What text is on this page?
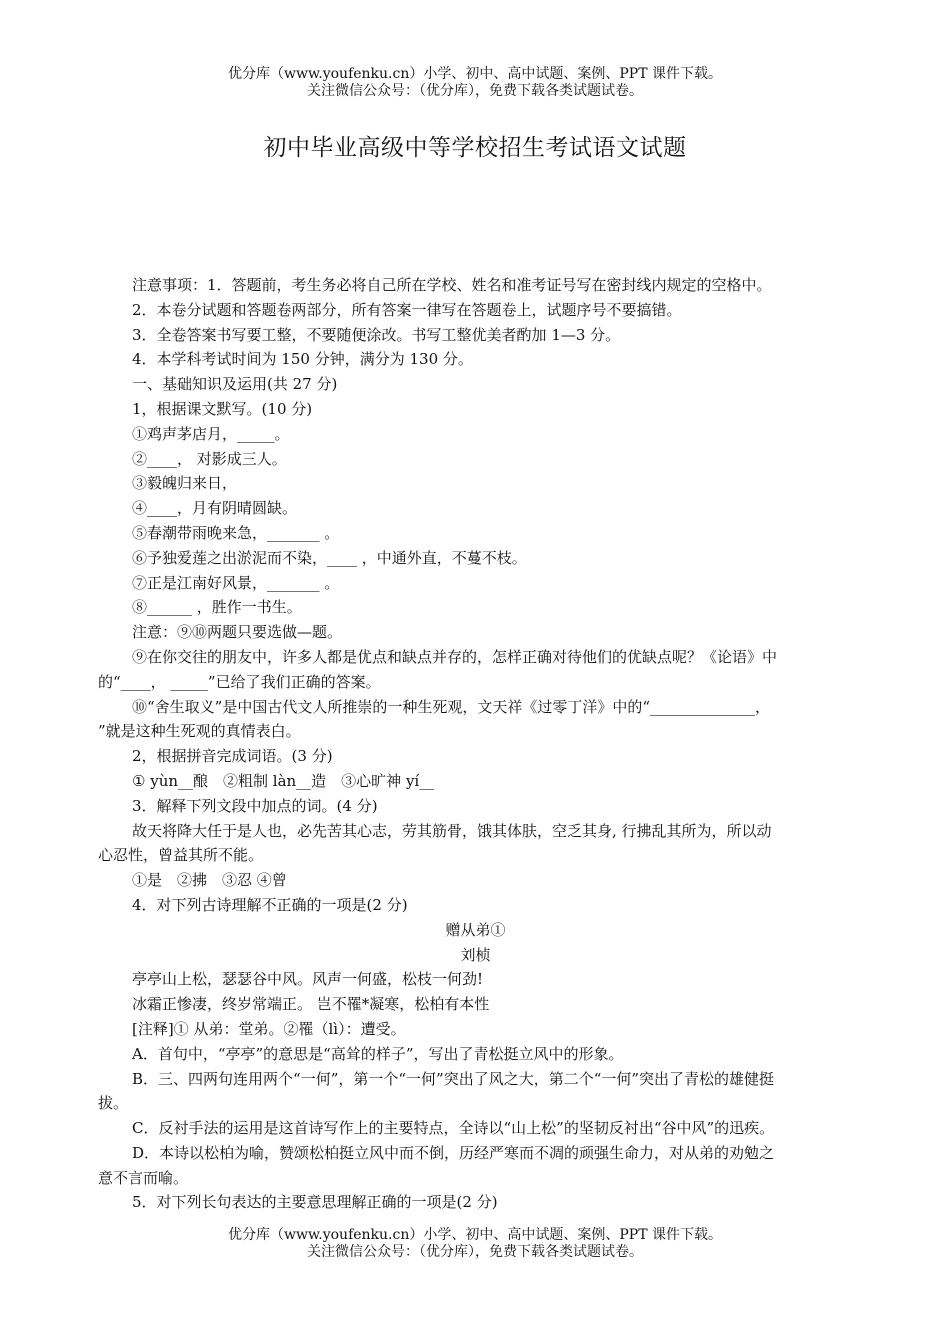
优分库（www.youfenku.cn）小学、初中、高中试题、案例、PPT 课件下载。
关注微信公众号：（优分库），免费下载各类试题试卷。
初中毕业高级中等学校招生考试语文试题

注意事项：1．答题前，考生务必将自己所在学校、姓名和准考证号写在密封线内规定的空格中。

2．本卷分试题和答题卷两部分，所有答案一律写在答题卷上，试题序号不要搞错。

3．全卷答案书写要工整，不要随便涂改。书写工整优美者酌加 1—3 分。

4．本学科考试时间为 150 分钟，满分为 130 分。

一、基础知识及运用(共 27 分)

1，根据课文默写。(10 分)

①鸡声茅店月，_____。

②____， 对影成三人。

③毅魄归来日，

④____，月有阴晴圆缺。

⑤春潮带雨晚来急，_______ 。

⑥予独爱莲之出淤泥而不染，____ ，中通外直，不蔓不枝。

⑦正是江南好风景，_______ 。

⑧______ ，胜作一书生。

注意：⑨⑩两题只要选做—题。

⑨在你交往的朋友中，许多人都是优点和缺点并存的，怎样正确对待他们的优缺点呢？《论语》中

的“____， _____”已给了我们正确的答案。

⑩“舍生取义”是中国古代文人所推崇的一种生死观，文天祥《过零丁洋》中的“______________，

”就是这种生死观的真情表白。

2，根据拼音完成词语。(3 分)

① yùn__酿　②粗制 làn__造　③心旷神 yí__

3．解释下列文段中加点的词。(4 分)

故天将降大任于是人也，必先苦其心志，劳其筋骨，饿其体肤，空乏其身, 行拂乱其所为，所以动

心忍性，曾益其所不能。

①是　②拂　③忍 ④曾

4．对下列古诗理解不正确的一项是(2 分)

赠从弟①

刘桢

亭亭山上松，瑟瑟谷中风。风声一何盛，松枝一何劲!

冰霜正惨凄，终岁常端正。 岂不罹*凝寒，松柏有本性

[注释]① 从弟：堂弟。②罹（lì）：遭受。

A．首句中，“亭亭”的意思是“高耸的样子”，写出了青松挺立风中的形象。

B．三、四两句连用两个“一何”，第一个“一何”突出了风之大，第二个“一何”突出了青松的雄健挺

拔。

C．反衬手法的运用是这首诗写作上的主要特点，全诗以“山上松”的坚韧反衬出“谷中风”的迅疾。

D．本诗以松柏为喻，赞颂松柏挺立风中而不倒，历经严寒而不凋的顽强生命力，对从弟的劝勉之

意不言而喻。

5．对下列长句表达的主要意思理解正确的一项是(2 分)

优分库（www.youfenku.cn）小学、初中、高中试题、案例、PPT 课件下载。
关注微信公众号：（优分库），免费下载各类试题试卷。
